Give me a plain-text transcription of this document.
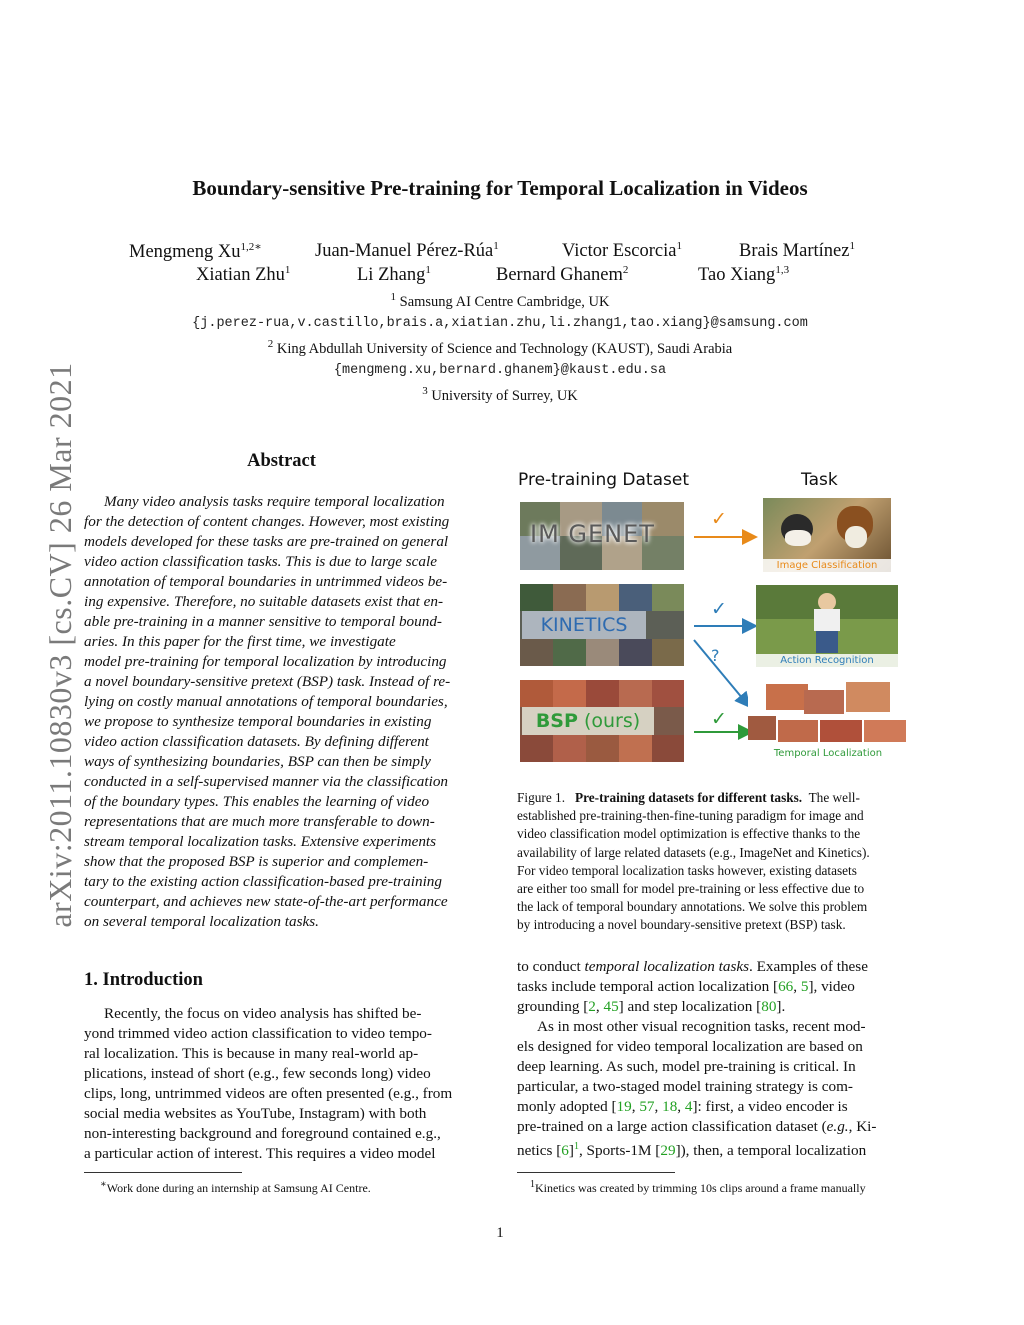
arXiv:2011.10830v3 [cs.CV] 26 Mar 2021
Boundary-sensitive Pre-training for Temporal Localization in Videos
Mengmeng $Xu^{1,2∗}$	Juan-Manuel Pérez-Rúa$^1$	Victor Escorcia$^1$	Brais Martínez$^1$
Xiatian Zhu$^1$	Li Zhang$^1$	Bernard Ghanem$^2$	Tao Xiang$^{1,3}$
$^1$ Samsung AI Centre Cambridge, UK
{j.perez-rua,v.castillo,brais.a,xiatian.zhu,li.zhang1,tao.xiang}@samsung.com
$^2$ King Abdullah University of Science and Technology (KAUST), Saudi Arabia
{mengmeng.xu,bernard.ghanem}@kaust.edu.sa
$^3$ University of Surrey, UK
Abstract
Many video analysis tasks require temporal localization
for the detection of content changes. However, most existing
models developed for these tasks are pre-trained on general
video action classification tasks. This is due to large scale
annotation of temporal boundaries in untrimmed videos be-
ing expensive. Therefore, no suitable datasets exist that en-
able pre-training in a manner sensitive to temporal bound-
aries. In this paper for the first time, we investigate
model pre-training for temporal localization by introducing
a novel boundary-sensitive pretext (BSP) task. Instead of re-
lying on costly manual annotations of temporal boundaries,
we propose to synthesize temporal boundaries in existing
video action classification datasets. By defining different
ways of synthesizing boundaries, BSP can then be simply
conducted in a self-supervised manner via the classification
of the boundary types. This enables the learning of video
representations that are much more transferable to down-
stream temporal localization tasks. Extensive experiments
show that the proposed BSP is superior and complemen-
tary to the existing action classification-based pre-training
counterpart, and achieves new state-of-the-art performance
on several temporal localization tasks.
1. Introduction
Recently, the focus on video analysis has shifted be-
yond trimmed video action classification to video tempo-
ral localization. This is because in many real-world ap-
plications, instead of short (e.g., few seconds long) video
clips, long, untrimmed videos are often presented (e.g., from
social media websites as YouTube, Instagram) with both
non-interesting background and foreground contained e.g.,
a particular action of interest. This requires a video model
∗Work done during an internship at Samsung AI Centre.
Pre-training Dataset	Task
IM GENET
KINETICS
BSP (ours)
✓
✓
?
✓
Image Classification
Action Recognition
Temporal Localization
Figure 1. Pre-training datasets for different tasks. The well-
established pre-training-then-fine-tuning paradigm for image and
video classification model optimization is effective thanks to the
availability of large related datasets (e.g., ImageNet and Kinetics).
For video temporal localization tasks however, existing datasets
are either too small for model pre-training or less effective due to
the lack of temporal boundary annotations. We solve this problem
by introducing a novel boundary-sensitive pretext (BSP) task.
to conduct temporal localization tasks. Examples of these
tasks include temporal action localization [66, 5], video
grounding [2, 45] and step localization [80].
As in most other visual recognition tasks, recent mod-
els designed for video temporal localization are based on
deep learning. As such, model pre-training is critical. In
particular, a two-staged model training strategy is com-
monly adopted [19, 57, 18, 4]: first, a video encoder is
pre-trained on a large action classification dataset (e.g., Ki-
netics [6]$^1$, Sports-1M [29]), then, a temporal localization
$^1$Kinetics was created by trimming 10s clips around a frame manually
1
